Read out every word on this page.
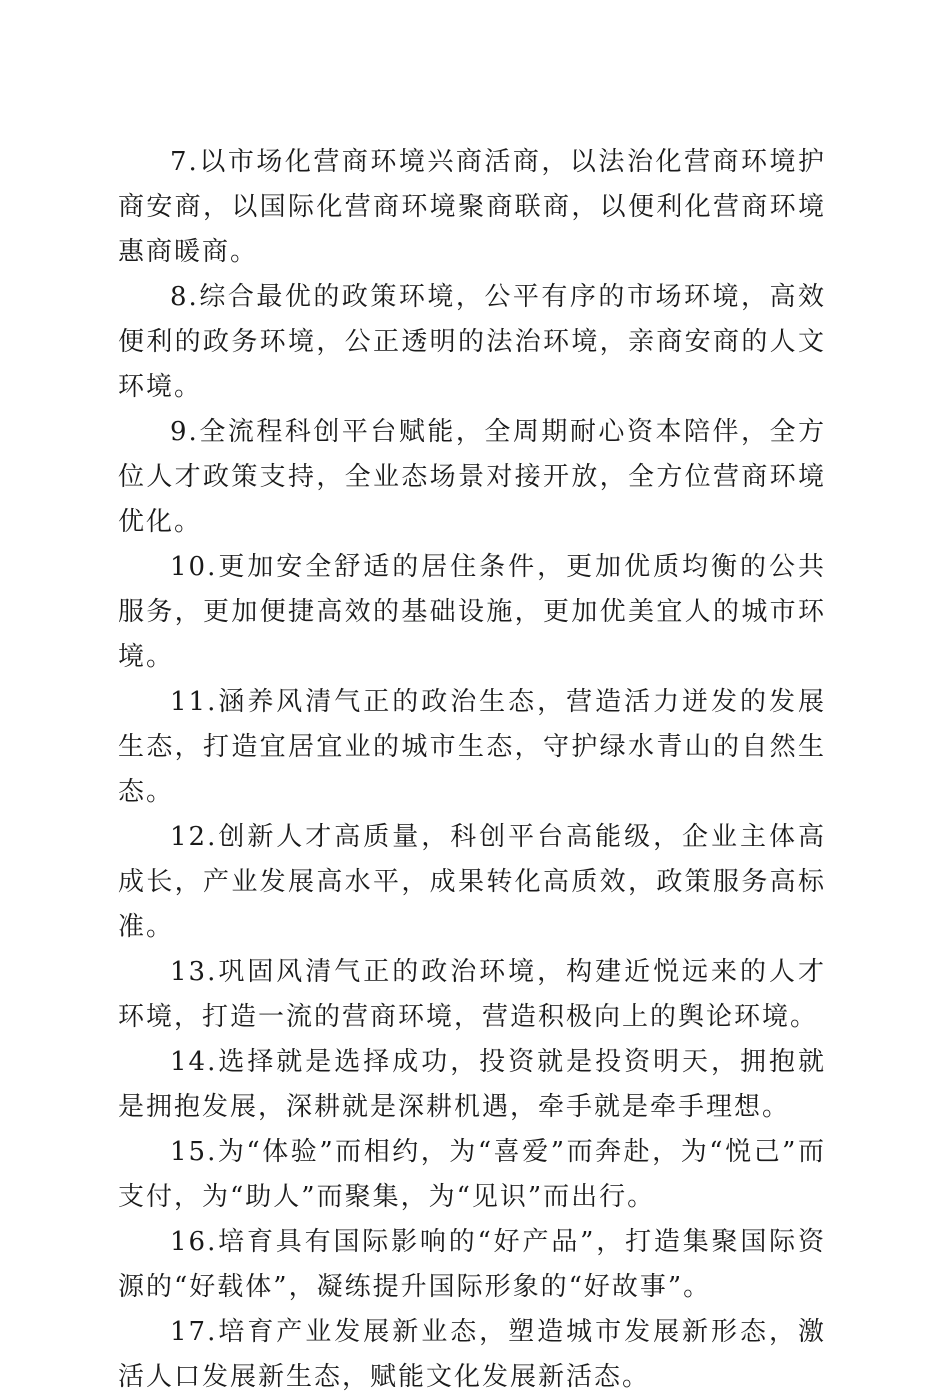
7.以市场化营商环境兴商活商，以法治化营商环境护商安商，以国际化营商环境聚商联商，以便利化营商环境惠商暖商。

8.综合最优的政策环境，公平有序的市场环境，高效便利的政务环境，公正透明的法治环境，亲商安商的人文环境。

9.全流程科创平台赋能，全周期耐心资本陪伴，全方位人才政策支持，全业态场景对接开放，全方位营商环境优化。

10.更加安全舒适的居住条件，更加优质均衡的公共服务，更加便捷高效的基础设施，更加优美宜人的城市环境。

11.涵养风清气正的政治生态，营造活力迸发的发展生态，打造宜居宜业的城市生态，守护绿水青山的自然生态。

12.创新人才高质量，科创平台高能级，企业主体高成长，产业发展高水平，成果转化高质效，政策服务高标准。

13.巩固风清气正的政治环境，构建近悦远来的人才环境，打造一流的营商环境，营造积极向上的舆论环境。

14.选择就是选择成功，投资就是投资明天，拥抱就是拥抱发展，深耕就是深耕机遇，牵手就是牵手理想。

15.为“体验”而相约，为“喜爱”而奔赴，为“悦己”而支付，为“助人”而聚集，为“见识”而出行。

16.培育具有国际影响的“好产品”，打造集聚国际资源的“好载体”，凝练提升国际形象的“好故事”。

17.培育产业发展新业态，塑造城市发展新形态，激活人口发展新生态，赋能文化发展新活态。
